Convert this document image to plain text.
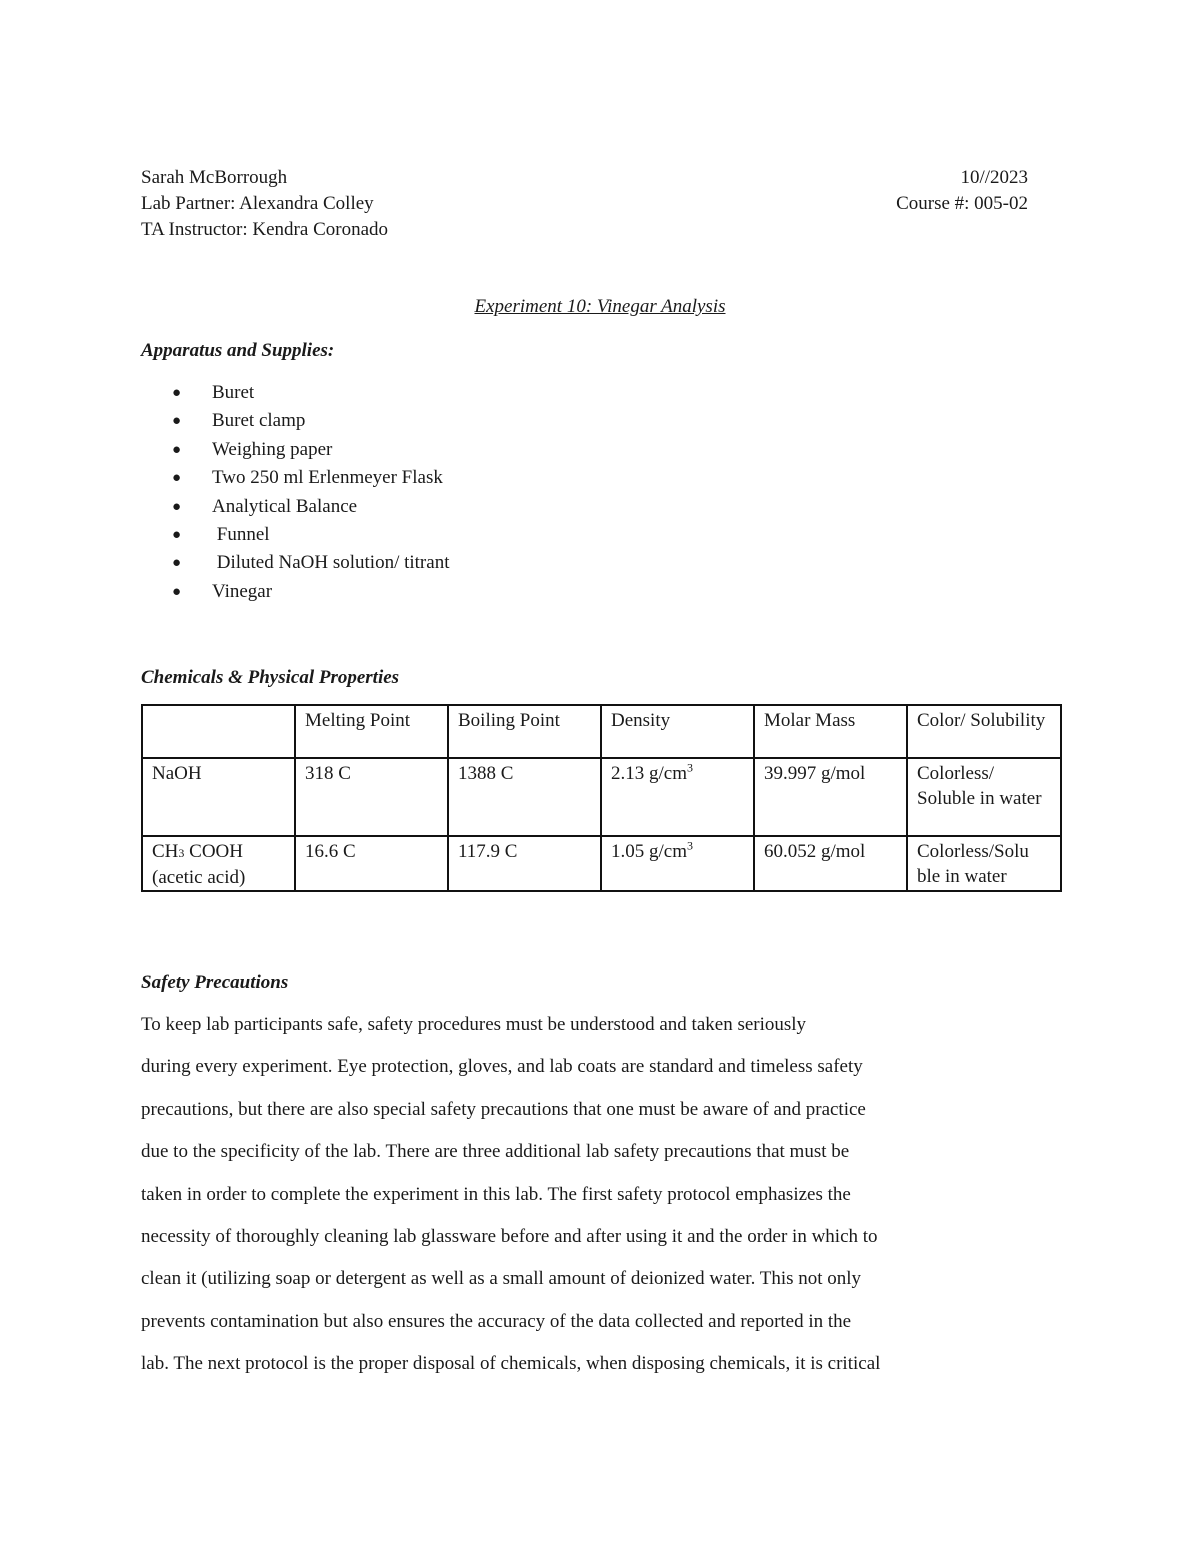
Sarah McBorrough
Lab Partner: Alexandra Colley
TA Instructor: Kendra Coronado
10//2023
Course #: 005-02
Experiment 10: Vinegar Analysis
Apparatus and Supplies:
● Buret
● Buret clamp
● Weighing paper
● Two 250 ml Erlenmeyer Flask
● Analytical Balance
● Funnel
● Diluted NaOH solution/ titrant
● Vinegar
Chemicals & Physical Properties
	Melting Point	Boiling Point	Density	Molar Mass	Color/ Solubility
NaOH	318 C	1388 C	2.13 $g/cm^3$	39.997 g/mol	Colorless/ Soluble in water
CH3 COOH
(acetic acid)	16.6 C	117.9 C	1.05 $g/cm^3$	60.052 g/mol	Colorless/Solu
ble in water
Safety Precautions
To keep lab participants safe, safety procedures must be understood and taken seriously
during every experiment. Eye protection, gloves, and lab coats are standard and timeless safety
precautions, but there are also special safety precautions that one must be aware of and practice
due to the specificity of the lab. There are three additional lab safety precautions that must be
taken in order to complete the experiment in this lab. The first safety protocol emphasizes the
necessity of thoroughly cleaning lab glassware before and after using it and the order in which to
clean it (utilizing soap or detergent as well as a small amount of deionized water. This not only
prevents contamination but also ensures the accuracy of the data collected and reported in the
lab. The next protocol is the proper disposal of chemicals, when disposing chemicals, it is critical
